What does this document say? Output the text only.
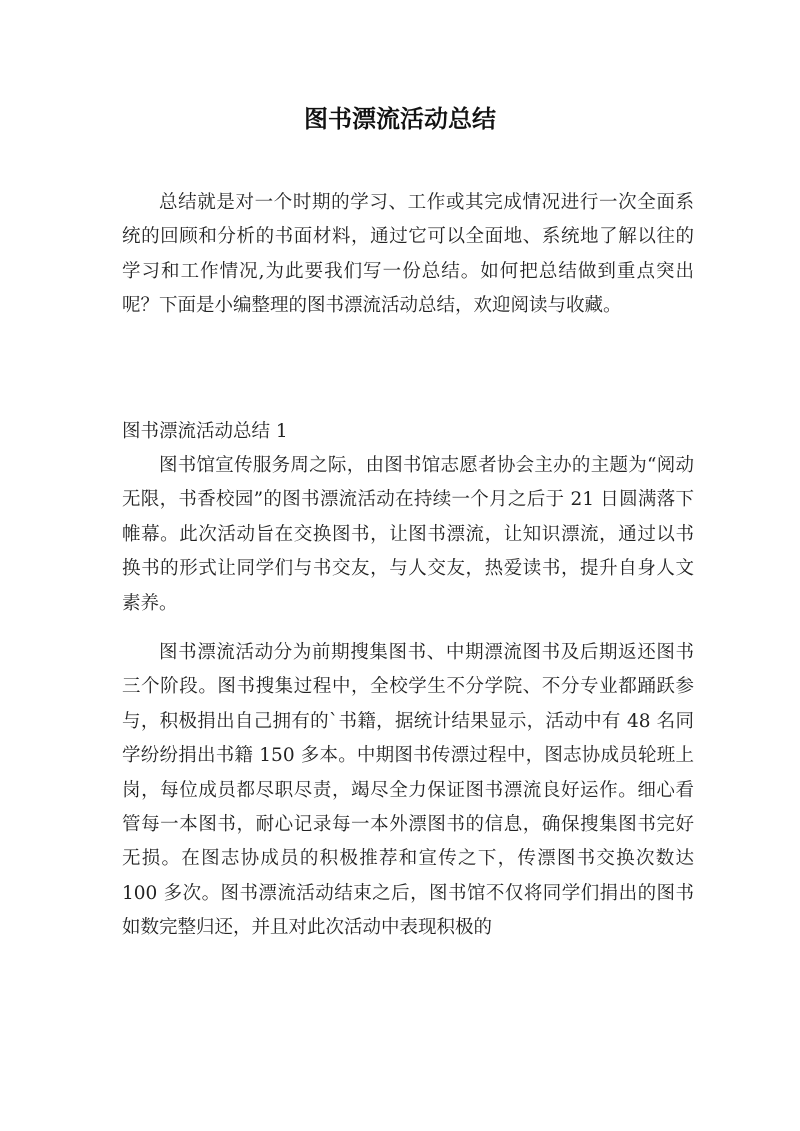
图书漂流活动总结

总结就是对一个时期的学习、工作或其完成情况进行一次全面系统的回顾和分析的书面材料，通过它可以全面地、系统地了解以往的学习和工作情况,为此要我们写一份总结。如何把总结做到重点突出呢？下面是小编整理的图书漂流活动总结，欢迎阅读与收藏。

图书漂流活动总结 1

图书馆宣传服务周之际，由图书馆志愿者协会主办的主题为“阅动无限，书香校园”的图书漂流活动在持续一个月之后于 21 日圆满落下帷幕。此次活动旨在交换图书，让图书漂流，让知识漂流，通过以书换书的形式让同学们与书交友，与人交友，热爱读书，提升自身人文素养。

图书漂流活动分为前期搜集图书、中期漂流图书及后期返还图书三个阶段。图书搜集过程中，全校学生不分学院、不分专业都踊跃参与，积极捐出自己拥有的`书籍，据统计结果显示，活动中有 48 名同学纷纷捐出书籍 150 多本。中期图书传漂过程中，图志协成员轮班上岗，每位成员都尽职尽责，竭尽全力保证图书漂流良好运作。细心看管每一本图书，耐心记录每一本外漂图书的信息，确保搜集图书完好无损。在图志协成员的积极推荐和宣传之下，传漂图书交换次数达 100 多次。图书漂流活动结束之后，图书馆不仅将同学们捐出的图书如数完整归还，并且对此次活动中表现积极的
